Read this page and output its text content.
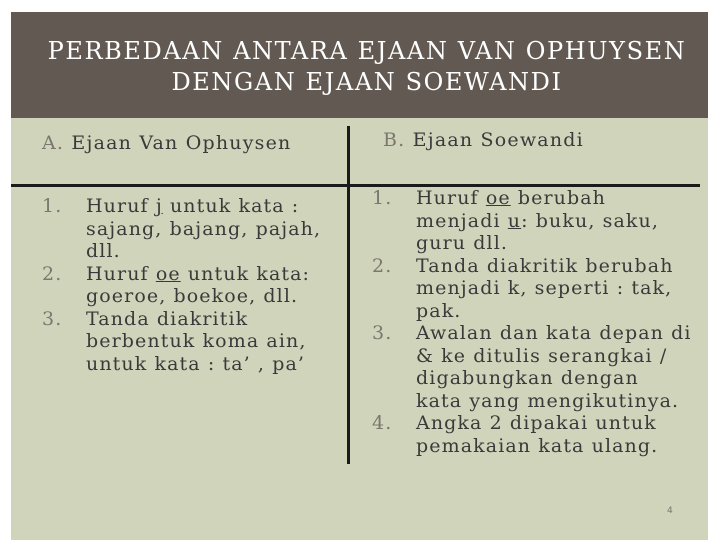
PERBEDAAN ANTARA EJAAN VAN OPHUYSEN DENGAN EJAAN SOEWANDI
A. Ejaan Van Ophuysen	B. Ejaan Soewandi
1. Huruf j untuk kata : sajang, bajang, pajah, dll.
2. Huruf oe untuk kata: goeroe, boekoe, dll.
3. Tanda diakritik berbentuk koma ain, untuk kata : ta’ , pa’
1. Huruf oe berubah menjadi u: buku, saku, guru dll.
2. Tanda diakritik berubah menjadi k, seperti : tak, pak.
3. Awalan dan kata depan di & ke ditulis serangkai / digabungkan dengan kata yang mengikutinya.
4. Angka 2 dipakai untuk pemakaian kata ulang.
4
